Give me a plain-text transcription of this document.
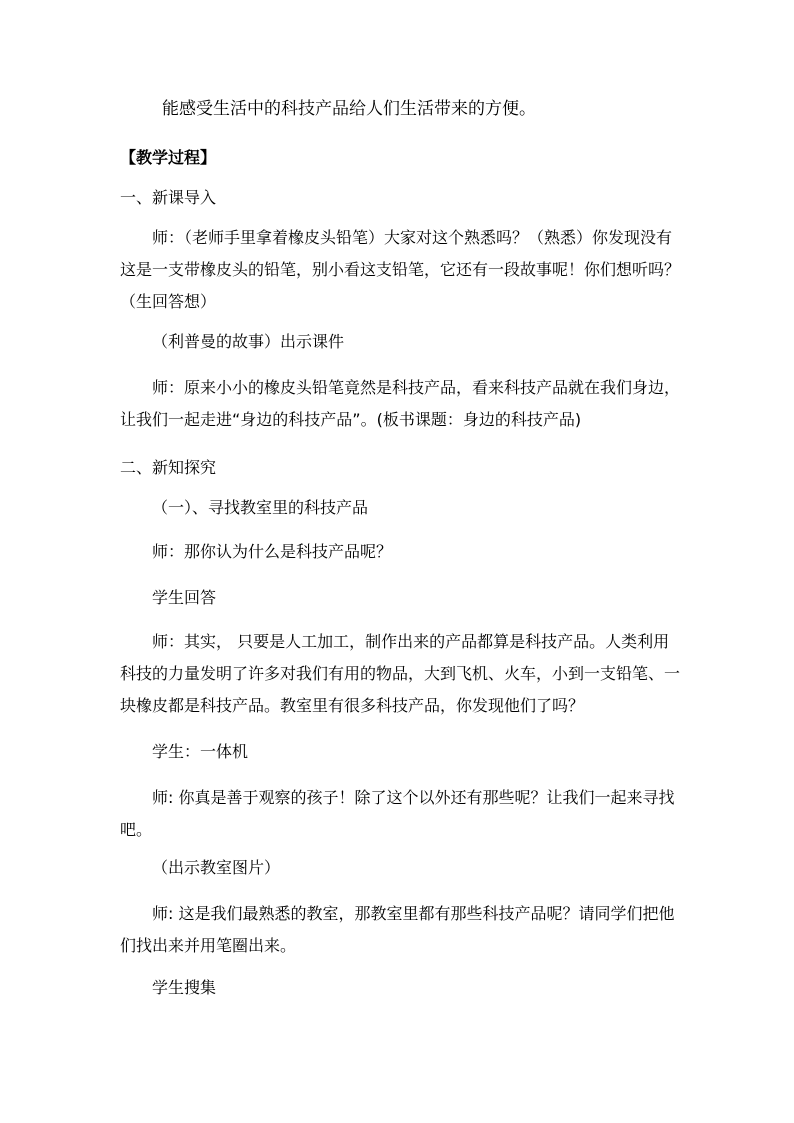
能感受生活中的科技产品给人们生活带来的方便。
【教学过程】
一、新课导入
师：（老师手里拿着橡皮头铅笔）大家对这个熟悉吗？（熟悉）你发现没有这是一支带橡皮头的铅笔，别小看这支铅笔，它还有一段故事呢！你们想听吗？（生回答想）
（利普曼的故事）出示课件
师：原来小小的橡皮头铅笔竟然是科技产品，看来科技产品就在我们身边，让我们一起走进“身边的科技产品”。(板书课题：身边的科技产品)
二、新知探究
（一）、寻找教室里的科技产品
师：那你认为什么是科技产品呢？
学生回答
师：其实， 只要是人工加工，制作出来的产品都算是科技产品。人类利用科技的力量发明了许多对我们有用的物品，大到飞机、火车，小到一支铅笔、一块橡皮都是科技产品。教室里有很多科技产品，你发现他们了吗？
学生：一体机
师: 你真是善于观察的孩子！除了这个以外还有那些呢？让我们一起来寻找吧。
（出示教室图片）
师: 这是我们最熟悉的教室，那教室里都有那些科技产品呢？请同学们把他们找出来并用笔圈出来。
学生搜集
